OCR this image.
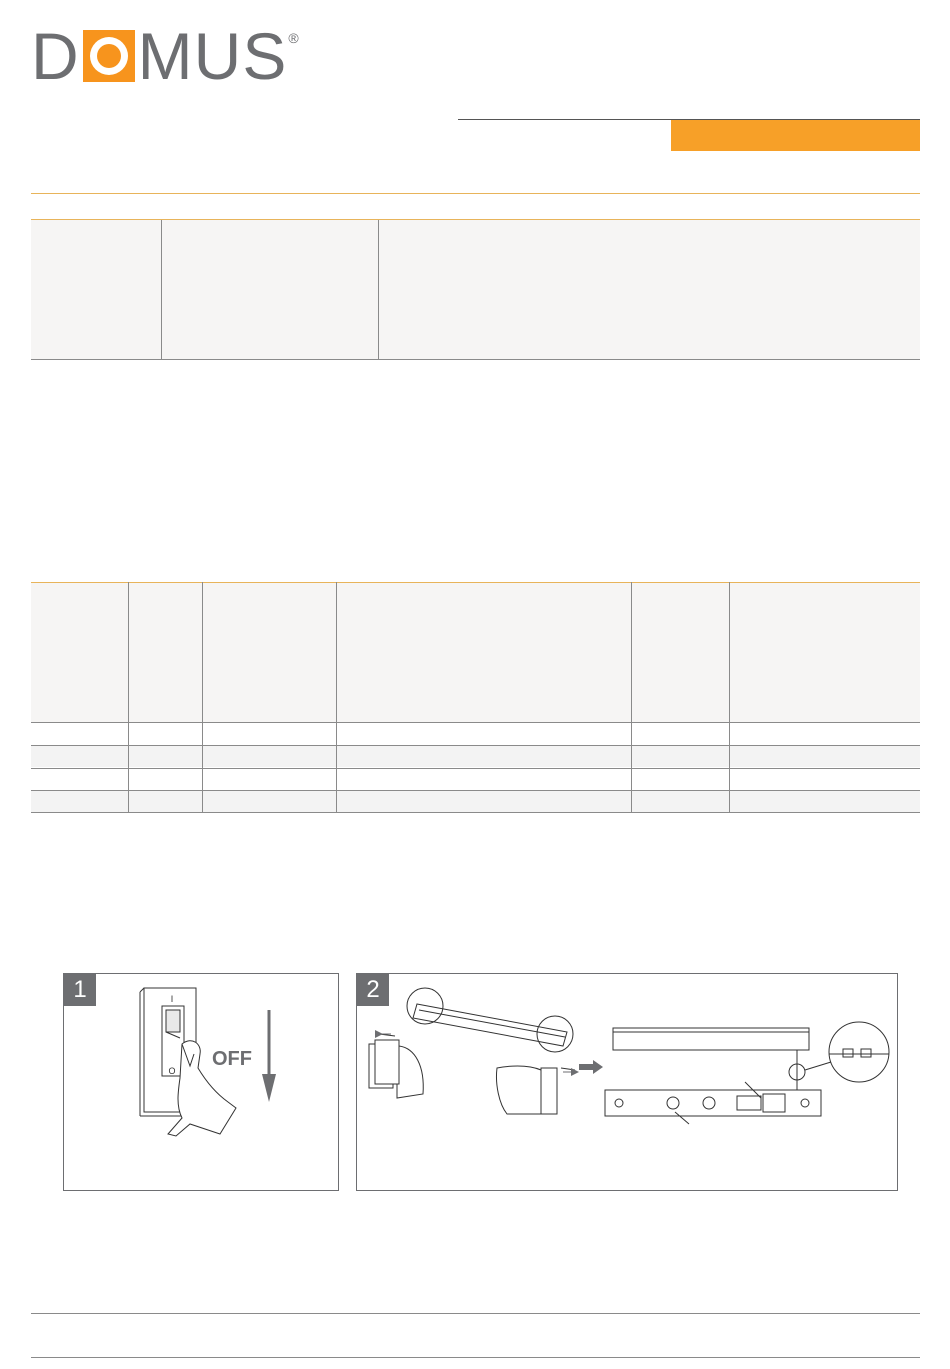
D MUS ®
1	I
O
OFF
2
